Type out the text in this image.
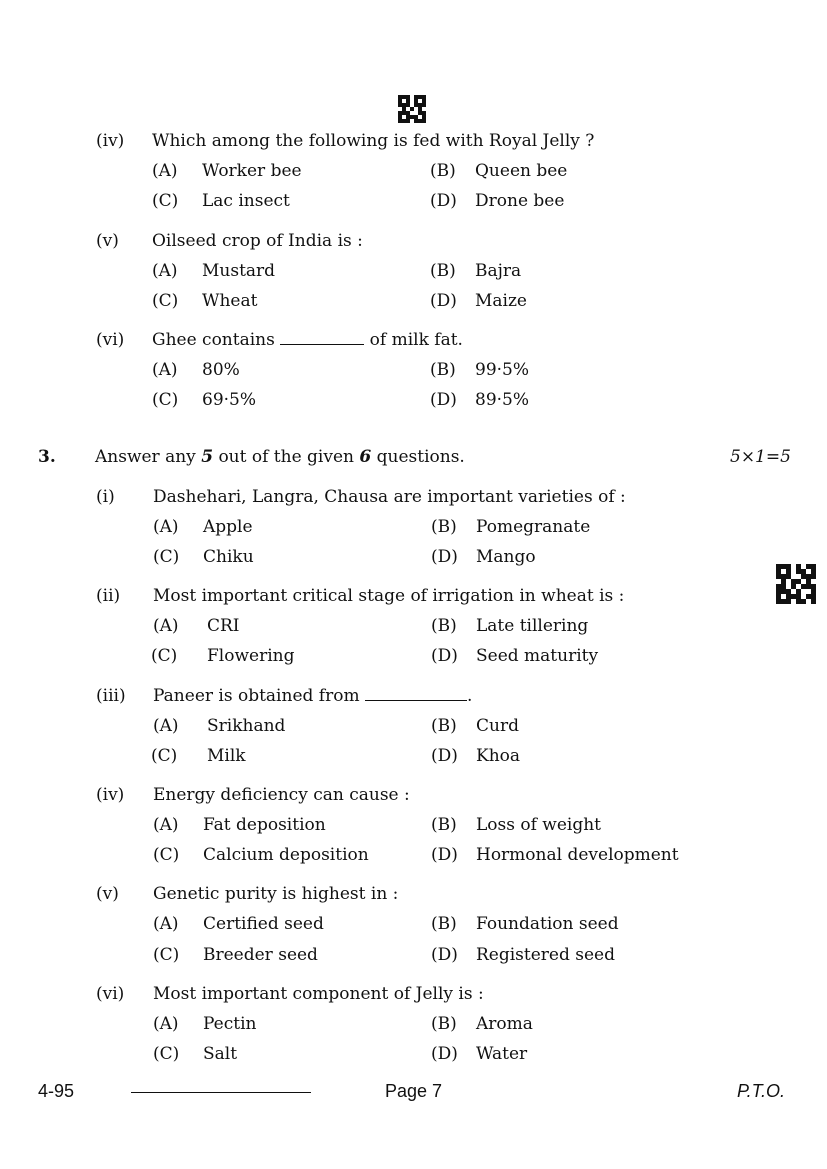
(iv) Which among the following is fed with Royal Jelly ?
(A) Worker bee	(B) Queen bee
(C) Lac insect	(D) Drone bee
(v) Oilseed crop of India is :
(A) Mustard	(B) Bajra
(C) Wheat	(D) Maize
(vi) Ghee contains	of milk fat.
(A) 80%	(B) 99·5%
(C) 69·5%	(D) 89·5%
3. Answer any 5 out of the given 6 questions.	5×1=5
(i) Dashehari, Langra, Chausa are important varieties of :
(A) Apple	(B) Pomegranate
(C) Chiku	(D) Mango
(ii) Most important critical stage of irrigation in wheat is :
(A) CRI	(B) Late tillering
(C) Flowering	(D) Seed maturity
(iii) Paneer is obtained from	.
(A) Srikhand	(B) Curd
(C) Milk	(D) Khoa
(iv) Energy deficiency can cause :
(A) Fat deposition	(B) Loss of weight
(C) Calcium deposition	(D) Hormonal development
(v) Genetic purity is highest in :
(A) Certified seed	(B) Foundation seed
(C) Breeder seed	(D) Registered seed
(vi) Most important component of Jelly is :
(A) Pectin	(B) Aroma
(C) Salt	(D) Water
4-95	Page 7	P.T.O.
